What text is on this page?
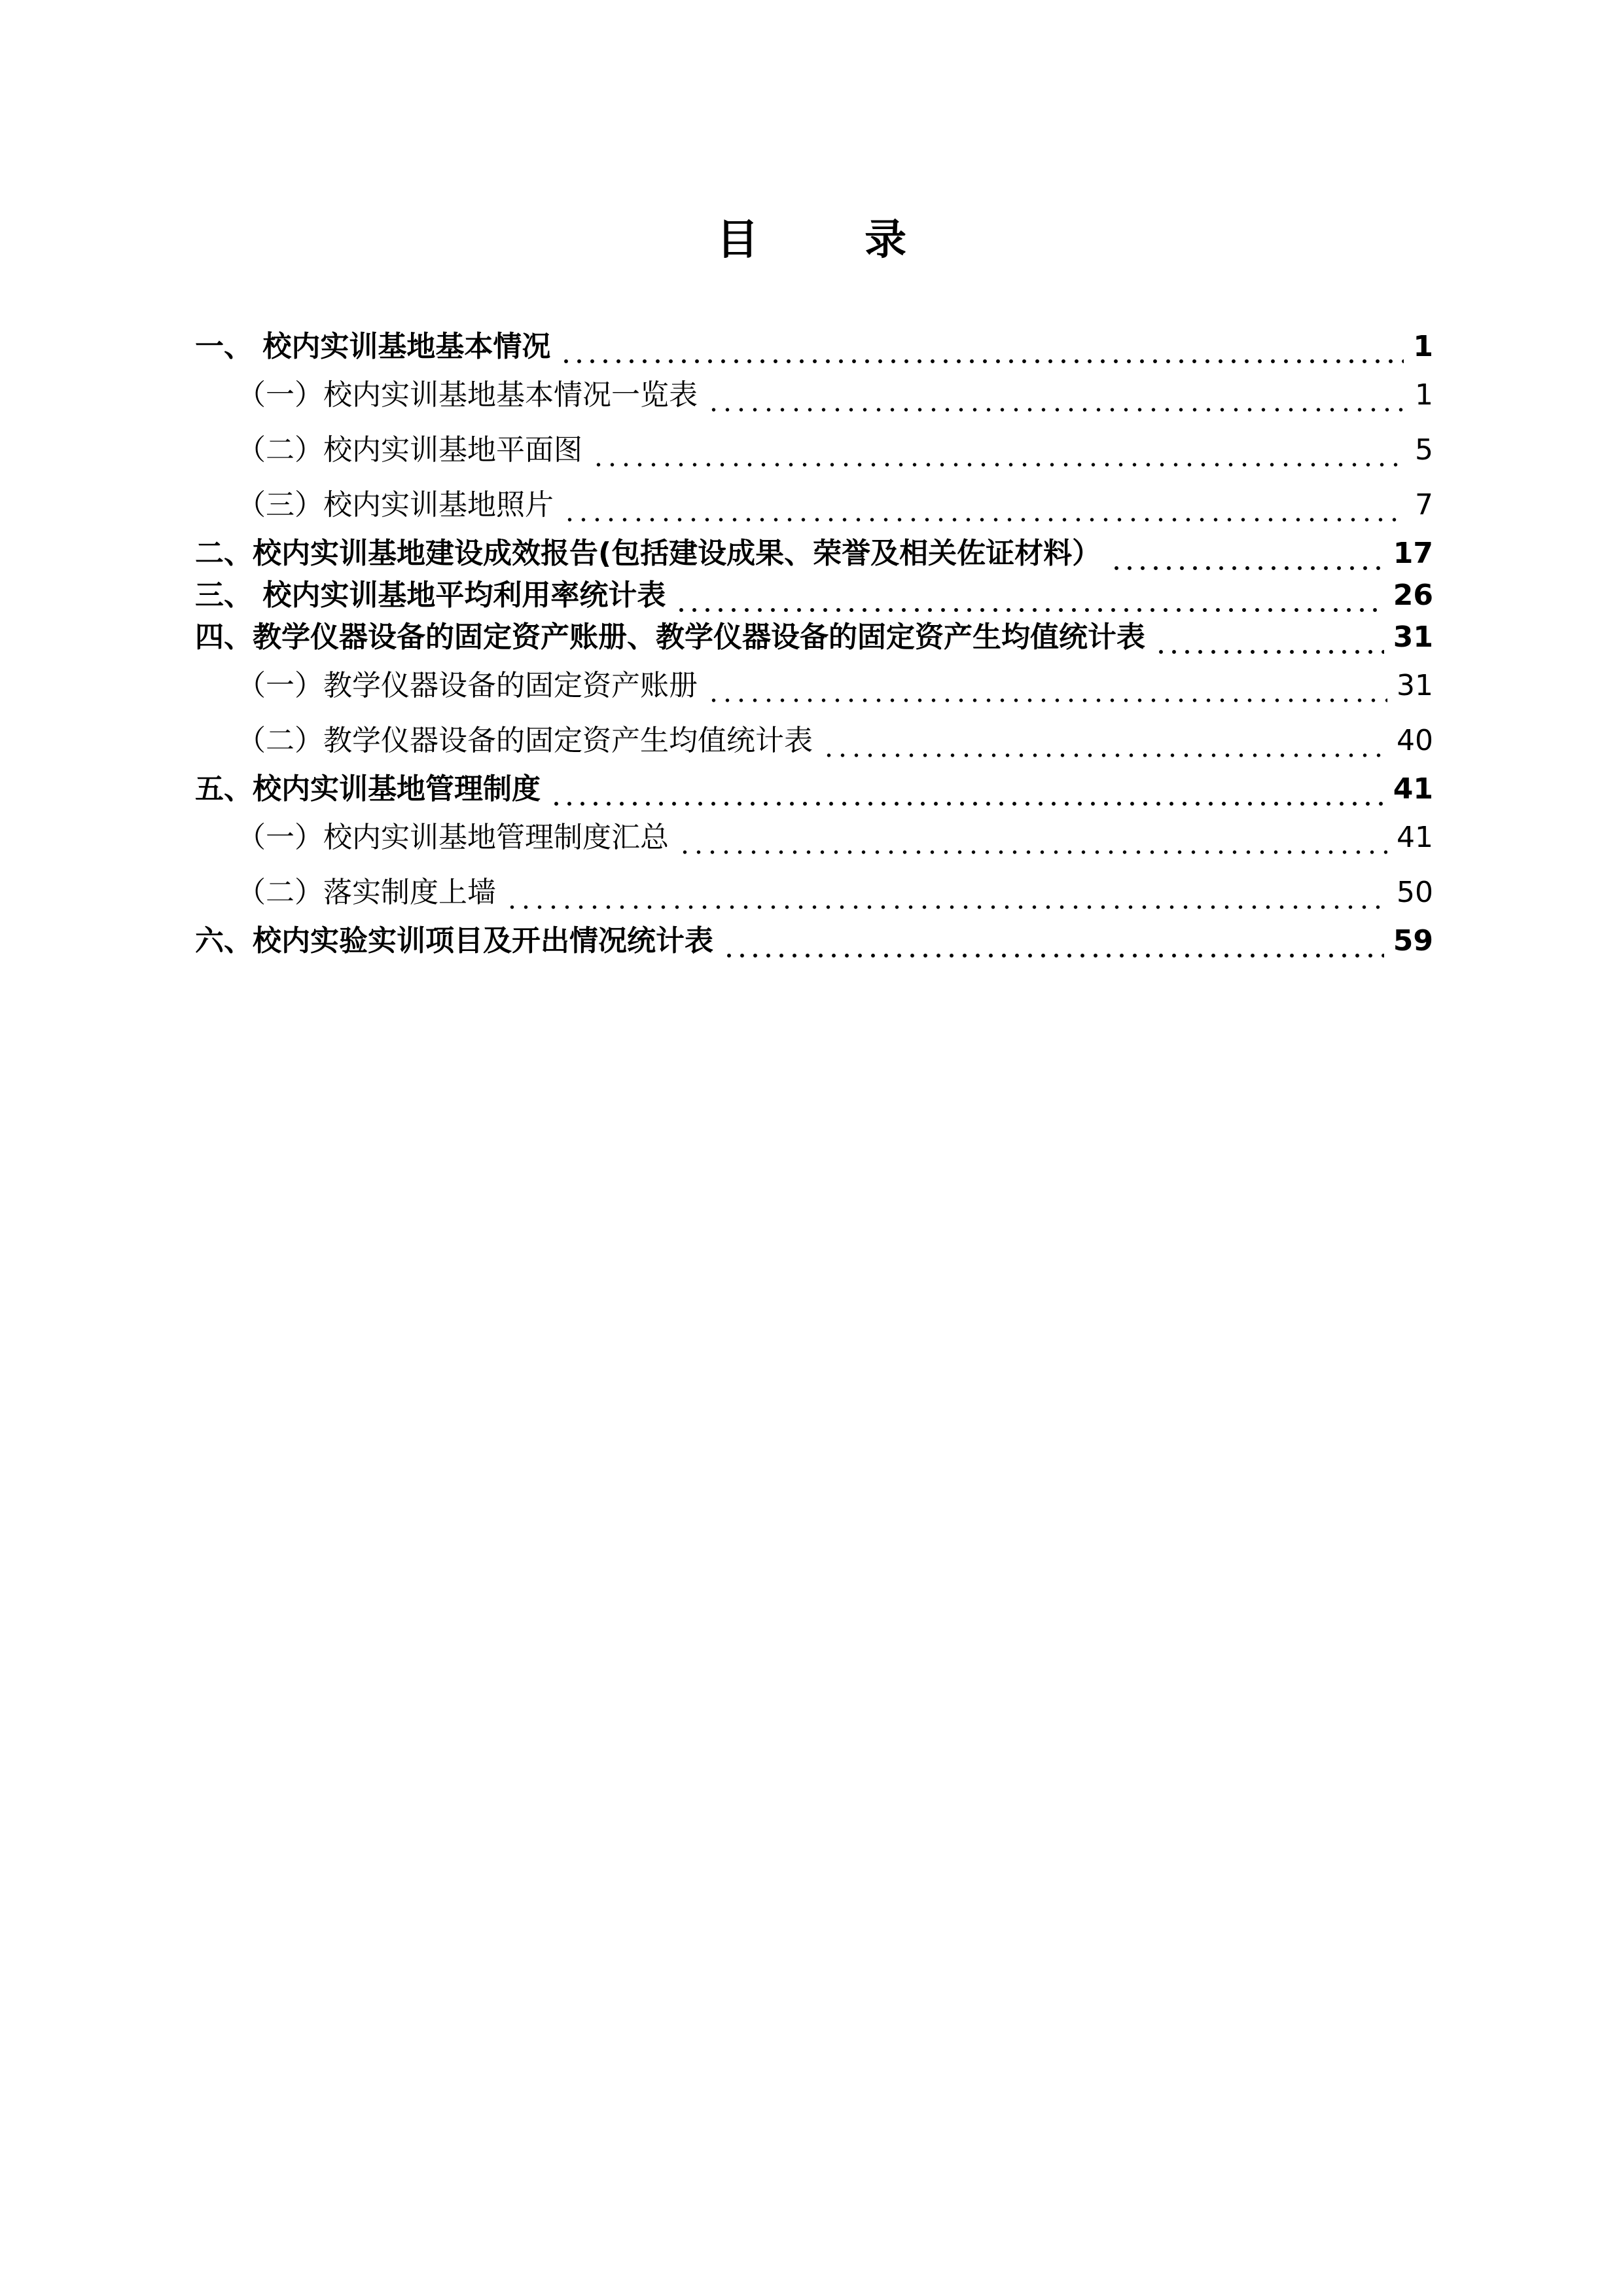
目 录
一、 校内实训基地基本情况	1
（一）校内实训基地基本情况一览表	1
（二）校内实训基地平面图	5
（三）校内实训基地照片	7
二、校内实训基地建设成效报告(包括建设成果、荣誉及相关佐证材料）	17
三、 校内实训基地平均利用率统计表	26
四、教学仪器设备的固定资产账册、教学仪器设备的固定资产生均值统计表	31
（一）教学仪器设备的固定资产账册	31
（二）教学仪器设备的固定资产生均值统计表	40
五、校内实训基地管理制度	41
（一）校内实训基地管理制度汇总	41
（二）落实制度上墙	50
六、校内实验实训项目及开出情况统计表	59
